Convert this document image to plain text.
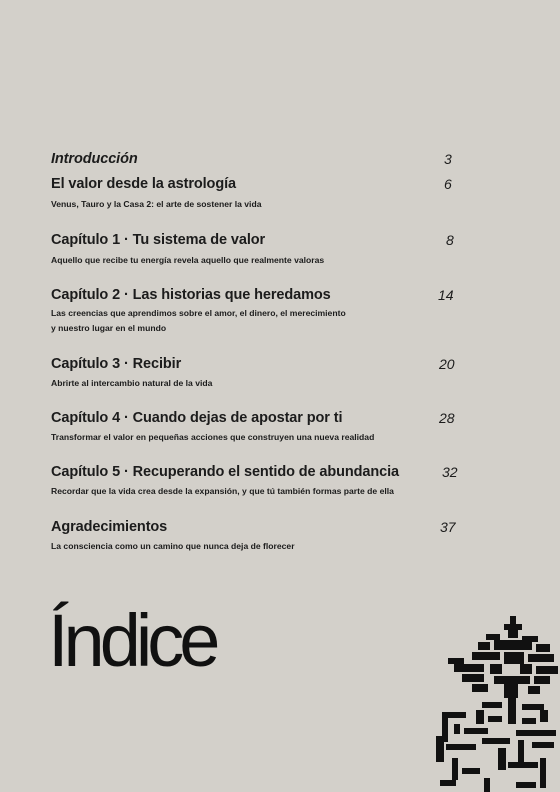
Introducción	3
El valor desde la astrología	6
Venus, Tauro y la Casa 2: el arte de sostener la vida
Capítulo 1 · Tu sistema de valor	8
Aquello que recibe tu energía revela aquello que realmente valoras
Capítulo 2 · Las historias que heredamos	14
Las creencias que aprendimos sobre el amor, el dinero, el merecimiento
y nuestro lugar en el mundo
Capítulo 3 · Recibir	20
Abrirte al intercambio natural de la vida
Capítulo 4 · Cuando dejas de apostar por ti	28
Transformar el valor en pequeñas acciones que construyen una nueva realidad
Capítulo 5 · Recuperando el sentido de abundancia	32
Recordar que la vida crea desde la expansión, y que tú también formas parte de ella
Agradecimientos	37
La consciencia como un camino que nunca deja de florecer
Índice
